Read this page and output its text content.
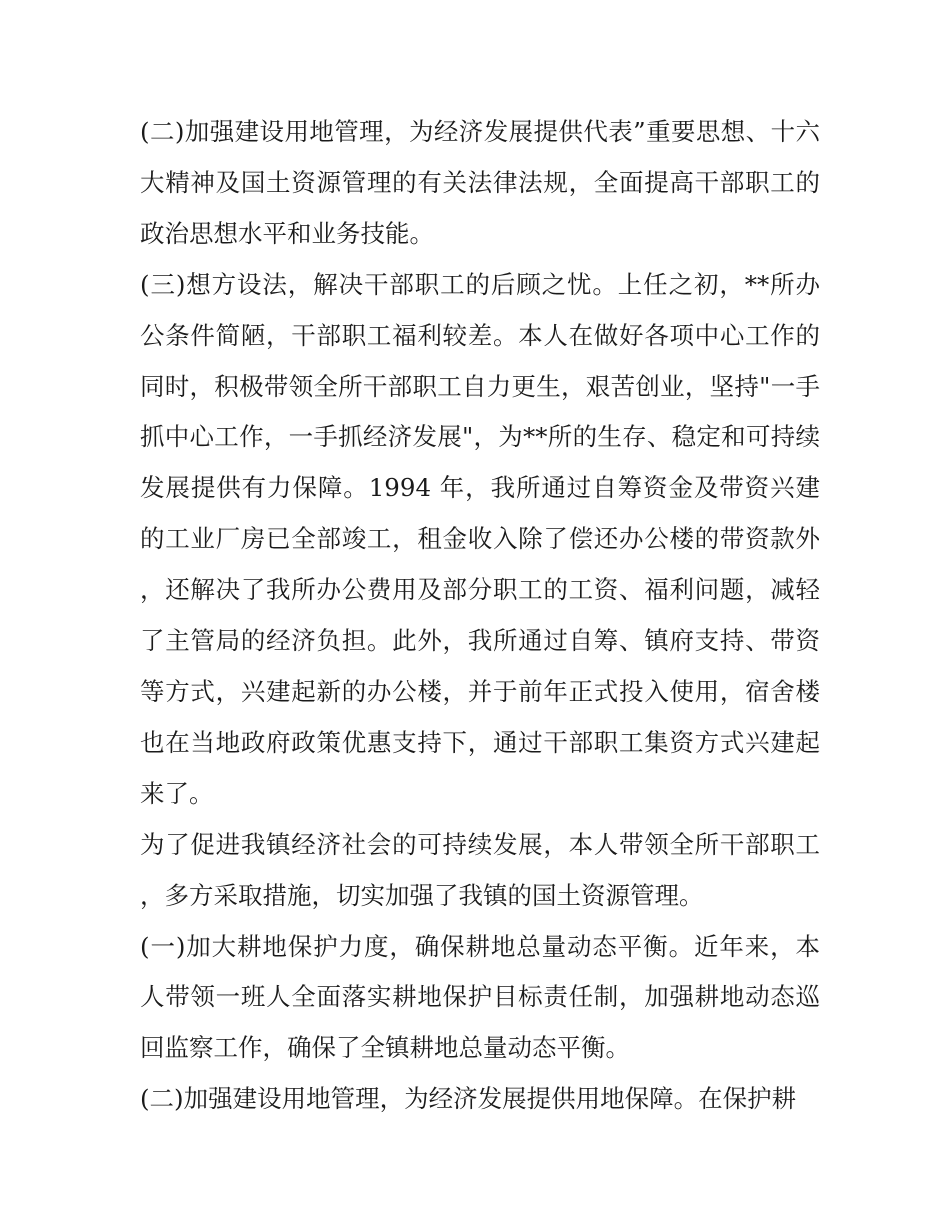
(二)加强建设用地管理，为经济发展提供代表”重要思想、十六大精神及国土资源管理的有关法律法规，全面提高干部职工的政治思想水平和业务技能。

(三)想方设法，解决干部职工的后顾之忧。上任之初，**所办公条件简陋，干部职工福利较差。本人在做好各项中心工作的同时，积极带领全所干部职工自力更生，艰苦创业，坚持"一手抓中心工作，一手抓经济发展"，为**所的生存、稳定和可持续发展提供有力保障。1994 年，我所通过自筹资金及带资兴建的工业厂房已全部竣工，租金收入除了偿还办公楼的带资款外，还解决了我所办公费用及部分职工的工资、福利问题，减轻了主管局的经济负担。此外，我所通过自筹、镇府支持、带资等方式，兴建起新的办公楼，并于前年正式投入使用，宿舍楼也在当地政府政策优惠支持下，通过干部职工集资方式兴建起来了。

为了促进我镇经济社会的可持续发展，本人带领全所干部职工，多方采取措施，切实加强了我镇的国土资源管理。

(一)加大耕地保护力度，确保耕地总量动态平衡。近年来，本人带领一班人全面落实耕地保护目标责任制，加强耕地动态巡回监察工作，确保了全镇耕地总量动态平衡。

(二)加强建设用地管理，为经济发展提供用地保障。在保护耕
